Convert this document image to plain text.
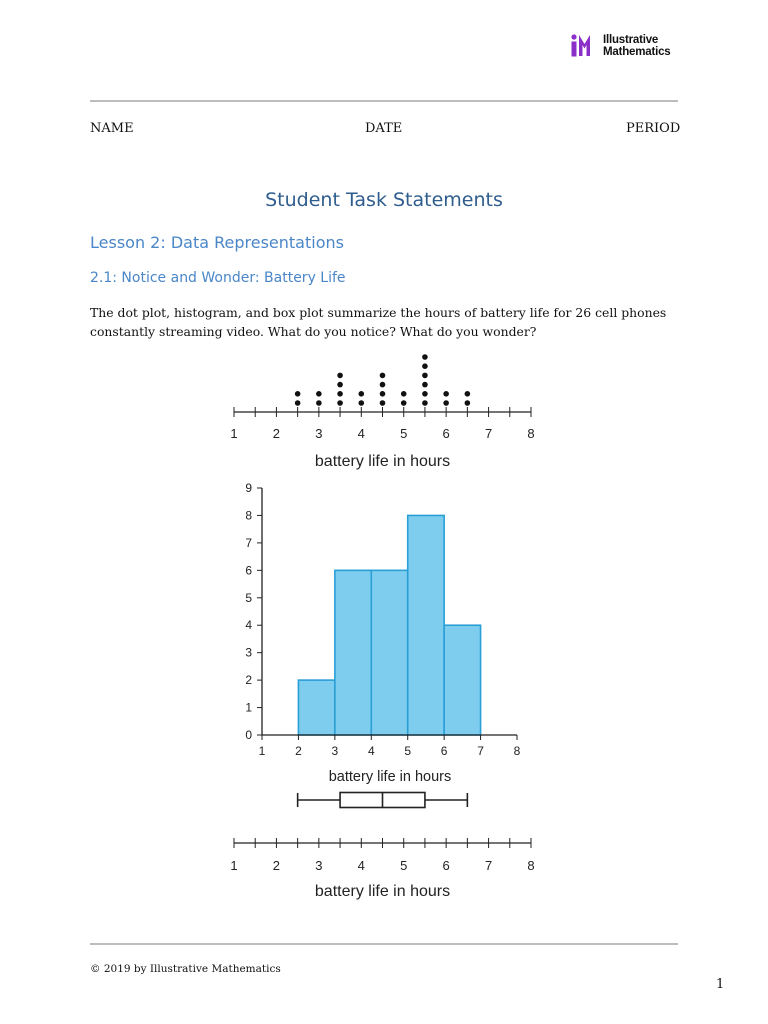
Illustrative
Mathematics
NAME	DATE	PERIOD
Student Task Statements
Lesson 2: Data Representations
2.1: Notice and Wonder: Battery Life
The dot plot, histogram, and box plot summarize the hours of battery life for 26 cell phones constantly streaming video. What do you notice? What do you wonder?
1	2	3	4	5	6	7	8
battery life in hours
1 2 3 4 5 6 7 8
0
1
2
3
4
5
6
7
8
9
battery life in hours
1	2	3	4	5	6	7	8
battery life in hours
© 2019 by Illustrative Mathematics
1
